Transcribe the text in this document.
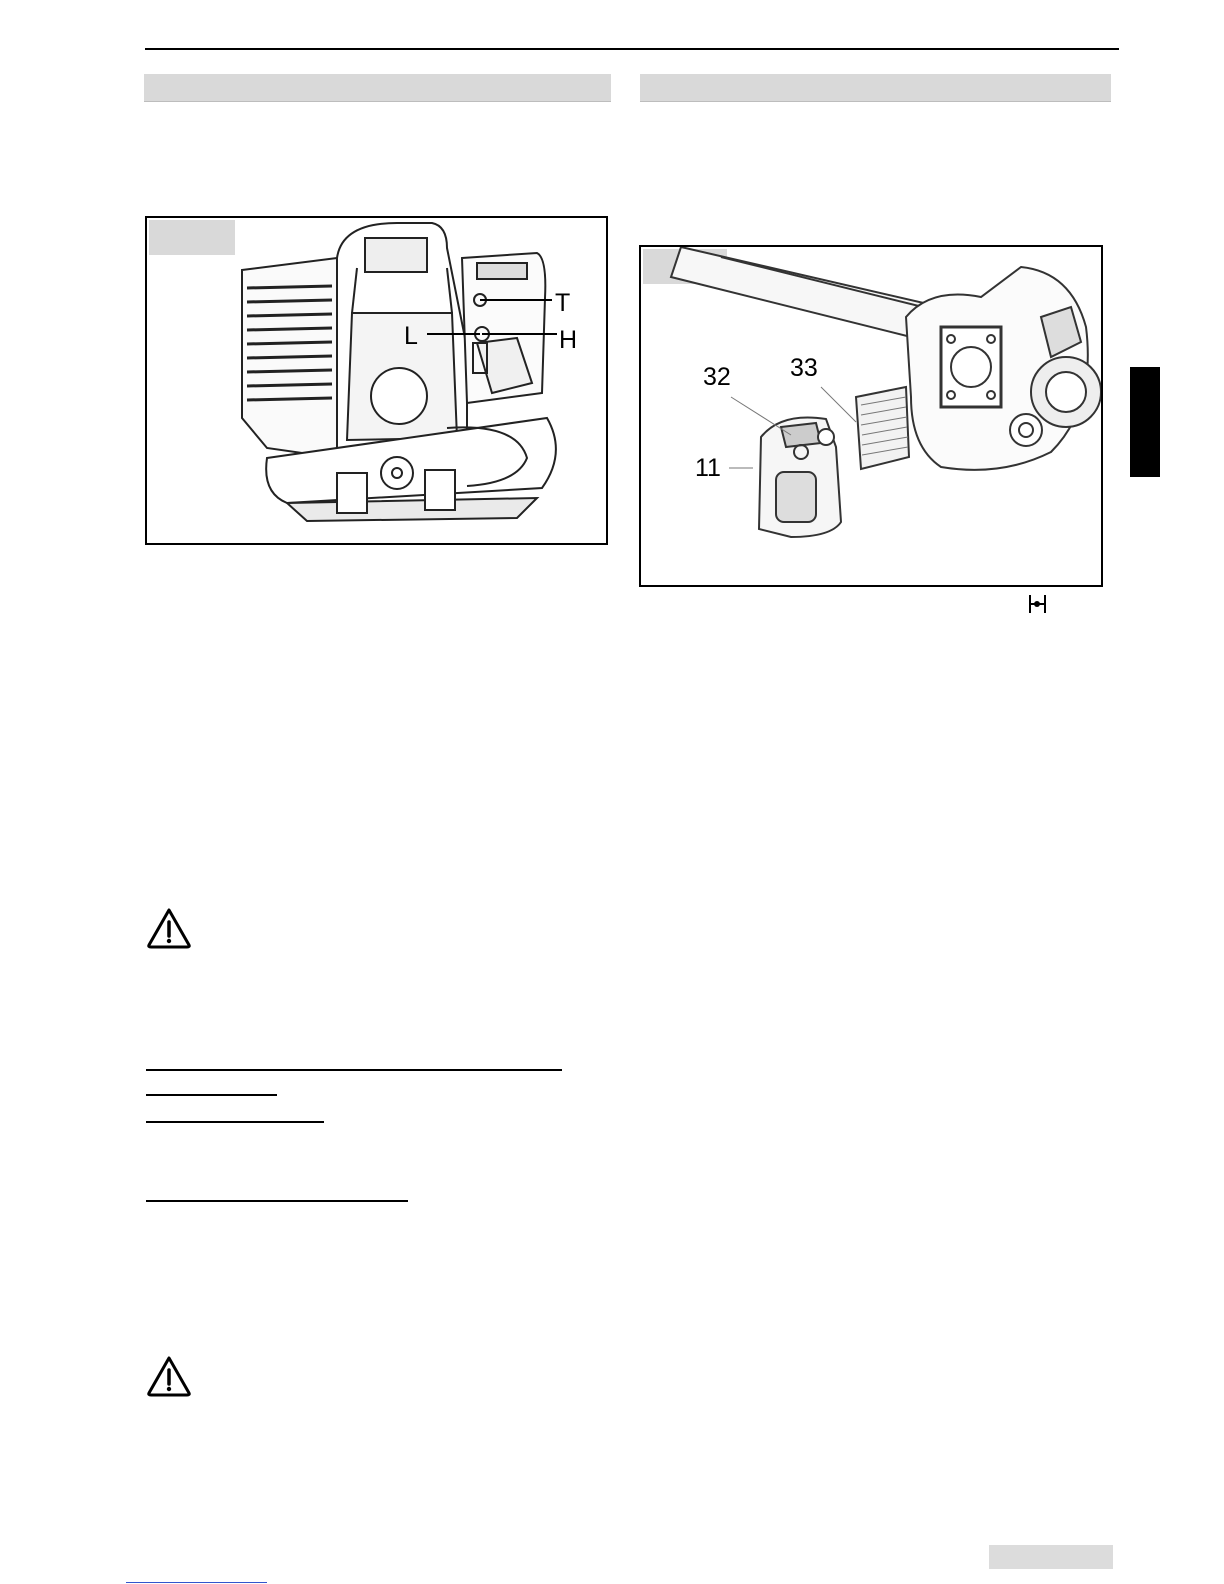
T
L	H
32 33
11
